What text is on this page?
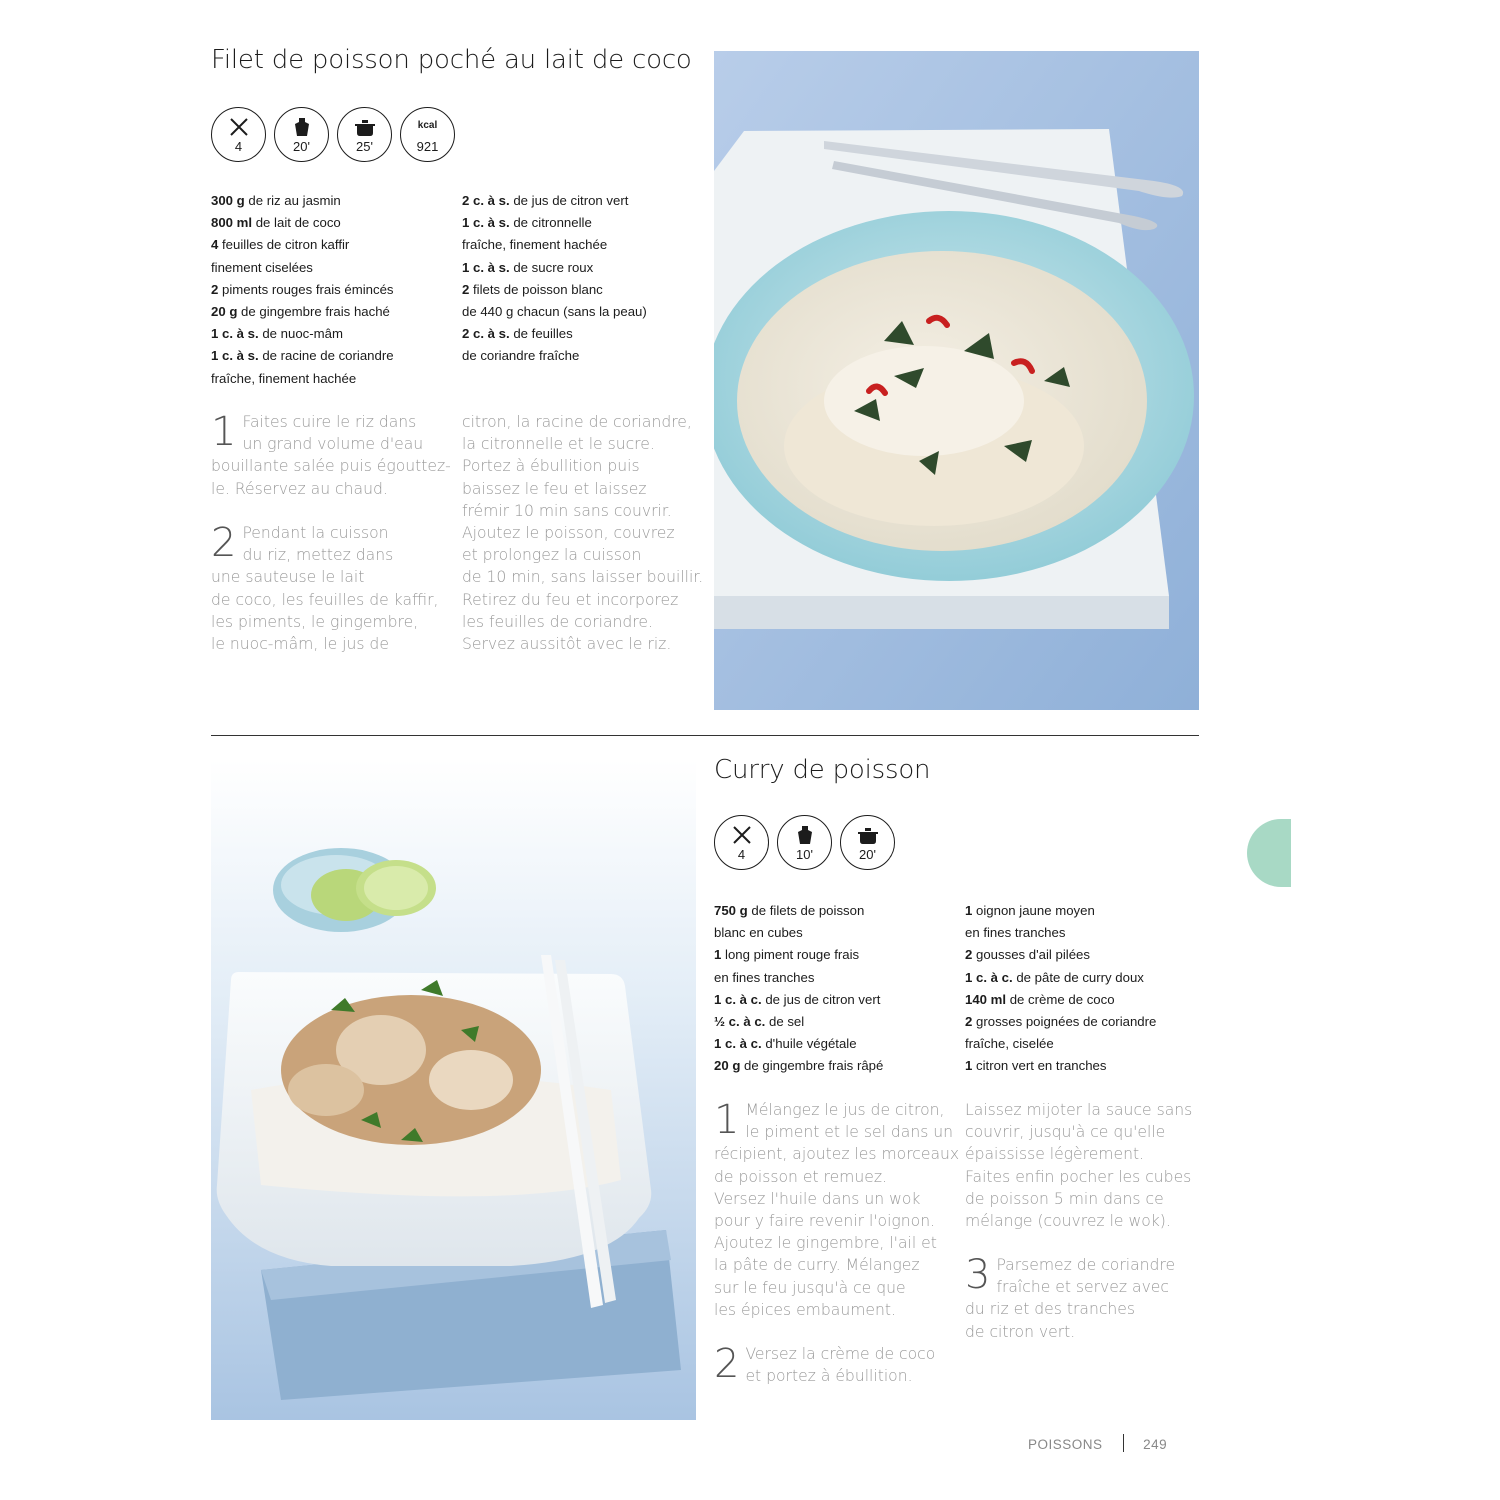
Filet de poisson poché au lait de coco
4	20'	25'
kcal
921
300 g de riz au jasmin
800 ml de lait de coco
4 feuilles de citron kaffir
finement ciselées
2 piments rouges frais émincés
20 g de gingembre frais haché
1 c. à s. de nuoc-mâm
1 c. à s. de racine de coriandre
fraîche, finement hachée
2 c. à s. de jus de citron vert
1 c. à s. de citronnelle
fraîche, finement hachée
1 c. à s. de sucre roux
2 filets de poisson blanc
de 440 g chacun (sans la peau)
2 c. à s. de feuilles
de coriandre fraîche
1 Faites cuire le riz dans
un grand volume d'eau
bouillante salée puis égouttez-
le. Réservez au chaud.
2 Pendant la cuisson
du riz, mettez dans
une sauteuse le lait
de coco, les feuilles de kaffir,
les piments, le gingembre,
le nuoc-mâm, le jus de
citron, la racine de coriandre,
la citronnelle et le sucre.
Portez à ébullition puis
baissez le feu et laissez
frémir 10 min sans couvrir.
Ajoutez le poisson, couvrez
et prolongez la cuisson
de 10 min, sans laisser bouillir.
Retirez du feu et incorporez
les feuilles de coriandre.
Servez aussitôt avec le riz.
Curry de poisson
4	10'	20'
750 g de filets de poisson
blanc en cubes
1 long piment rouge frais
en fines tranches
1 c. à c. de jus de citron vert
½ c. à c. de sel
1 c. à c. d'huile végétale
20 g de gingembre frais râpé
1 oignon jaune moyen
en fines tranches
2 gousses d'ail pilées
1 c. à c. de pâte de curry doux
140 ml de crème de coco
2 grosses poignées de coriandre
fraîche, ciselée
1 citron vert en tranches
1 Mélangez le jus de citron,
le piment et le sel dans un
récipient, ajoutez les morceaux
de poisson et remuez.
Versez l'huile dans un wok
pour y faire revenir l'oignon.
Ajoutez le gingembre, l'ail et
la pâte de curry. Mélangez
sur le feu jusqu'à ce que
les épices embaument.
2 Versez la crème de coco
et portez à ébullition.
Laissez mijoter la sauce sans
couvrir, jusqu'à ce qu'elle
épaississe légèrement.
Faites enfin pocher les cubes
de poisson 5 min dans ce
mélange (couvrez le wok).
3 Parsemez de coriandre
fraîche et servez avec
du riz et des tranches
de citron vert.
POISSONS	249
